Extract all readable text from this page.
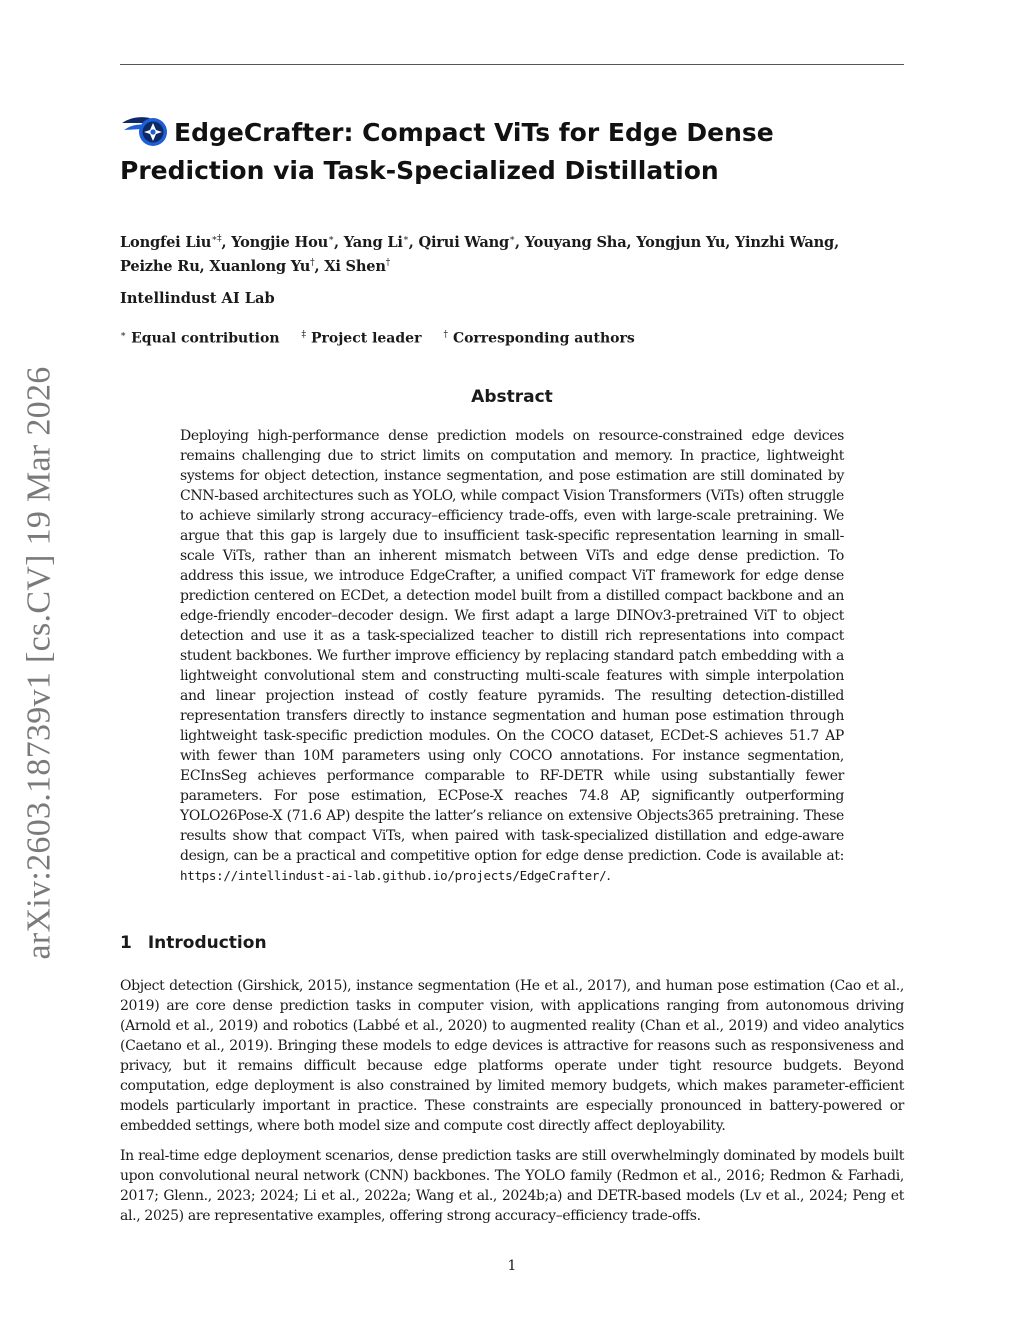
arXiv:2603.18739v1 [cs.CV] 19 Mar 2026
EdgeCrafter: Compact ViTs for Edge Dense Prediction via Task-Specialized Distillation
Longfei Liu∗‡, Yongjie Hou∗, Yang Li∗, Qirui Wang∗, Youyang Sha, Yongjun Yu, Yinzhi Wang,
Peizhe Ru, Xuanlong Yu†, Xi Shen†
Intellindust AI Lab
∗ Equal contribution ‡ Project leader † Corresponding authors
Abstract
Deploying high-performance dense prediction models on resource-constrained edge devices remains challenging due to strict limits on computation and memory. In practice, lightweight systems for object detection, instance segmentation, and pose estimation are still dominated by CNN-based architectures such as YOLO, while compact Vision Transformers (ViTs) often struggle to achieve similarly strong accuracy–efficiency trade-offs, even with large-scale pretraining. We argue that this gap is largely due to insufficient task-specific representation learning in small-scale ViTs, rather than an inherent mismatch between ViTs and edge dense prediction. To address this issue, we introduce EdgeCrafter, a unified compact ViT framework for edge dense prediction centered on ECDet, a detection model built from a distilled compact backbone and an edge-friendly encoder–decoder design. We first adapt a large DINOv3-pretrained ViT to object detection and use it as a task-specialized teacher to distill rich representations into compact student backbones. We further improve efficiency by replacing standard patch embedding with a lightweight convolutional stem and constructing multi-scale features with simple interpolation and linear projection instead of costly feature pyramids. The resulting detection-distilled representation transfers directly to instance segmentation and human pose estimation through lightweight task-specific prediction modules. On the COCO dataset, ECDet-S achieves 51.7 AP with fewer than 10M parameters using only COCO annotations. For instance segmentation, ECInsSeg achieves performance comparable to RF-DETR while using substantially fewer parameters. For pose estimation, ECPose-X reaches 74.8 AP, significantly outperforming YOLO26Pose-X (71.6 AP) despite the latter’s reliance on extensive Objects365 pretraining. These results show that compact ViTs, when paired with task-specialized distillation and edge-aware design, can be a practical and competitive option for edge dense prediction. Code is available at: https://intellindust-ai-lab.github.io/projects/EdgeCrafter/.
1 Introduction
Object detection (Girshick, 2015), instance segmentation (He et al., 2017), and human pose estimation (Cao et al., 2019) are core dense prediction tasks in computer vision, with applications ranging from autonomous driving (Arnold et al., 2019) and robotics (Labbé et al., 2020) to augmented reality (Chan et al., 2019) and video analytics (Caetano et al., 2019). Bringing these models to edge devices is attractive for reasons such as responsiveness and privacy, but it remains difficult because edge platforms operate under tight resource budgets. Beyond computation, edge deployment is also constrained by limited memory budgets, which makes parameter-efficient models particularly important in practice. These constraints are especially pronounced in battery-powered or embedded settings, where both model size and compute cost directly affect deployability.
In real-time edge deployment scenarios, dense prediction tasks are still overwhelmingly dominated by models built upon convolutional neural network (CNN) backbones. The YOLO family (Redmon et al., 2016; Redmon & Farhadi, 2017; Glenn., 2023; 2024; Li et al., 2022a; Wang et al., 2024b;a) and DETR-based models (Lv et al., 2024; Peng et al., 2025) are representative examples, offering strong accuracy–efficiency trade-offs.
1
